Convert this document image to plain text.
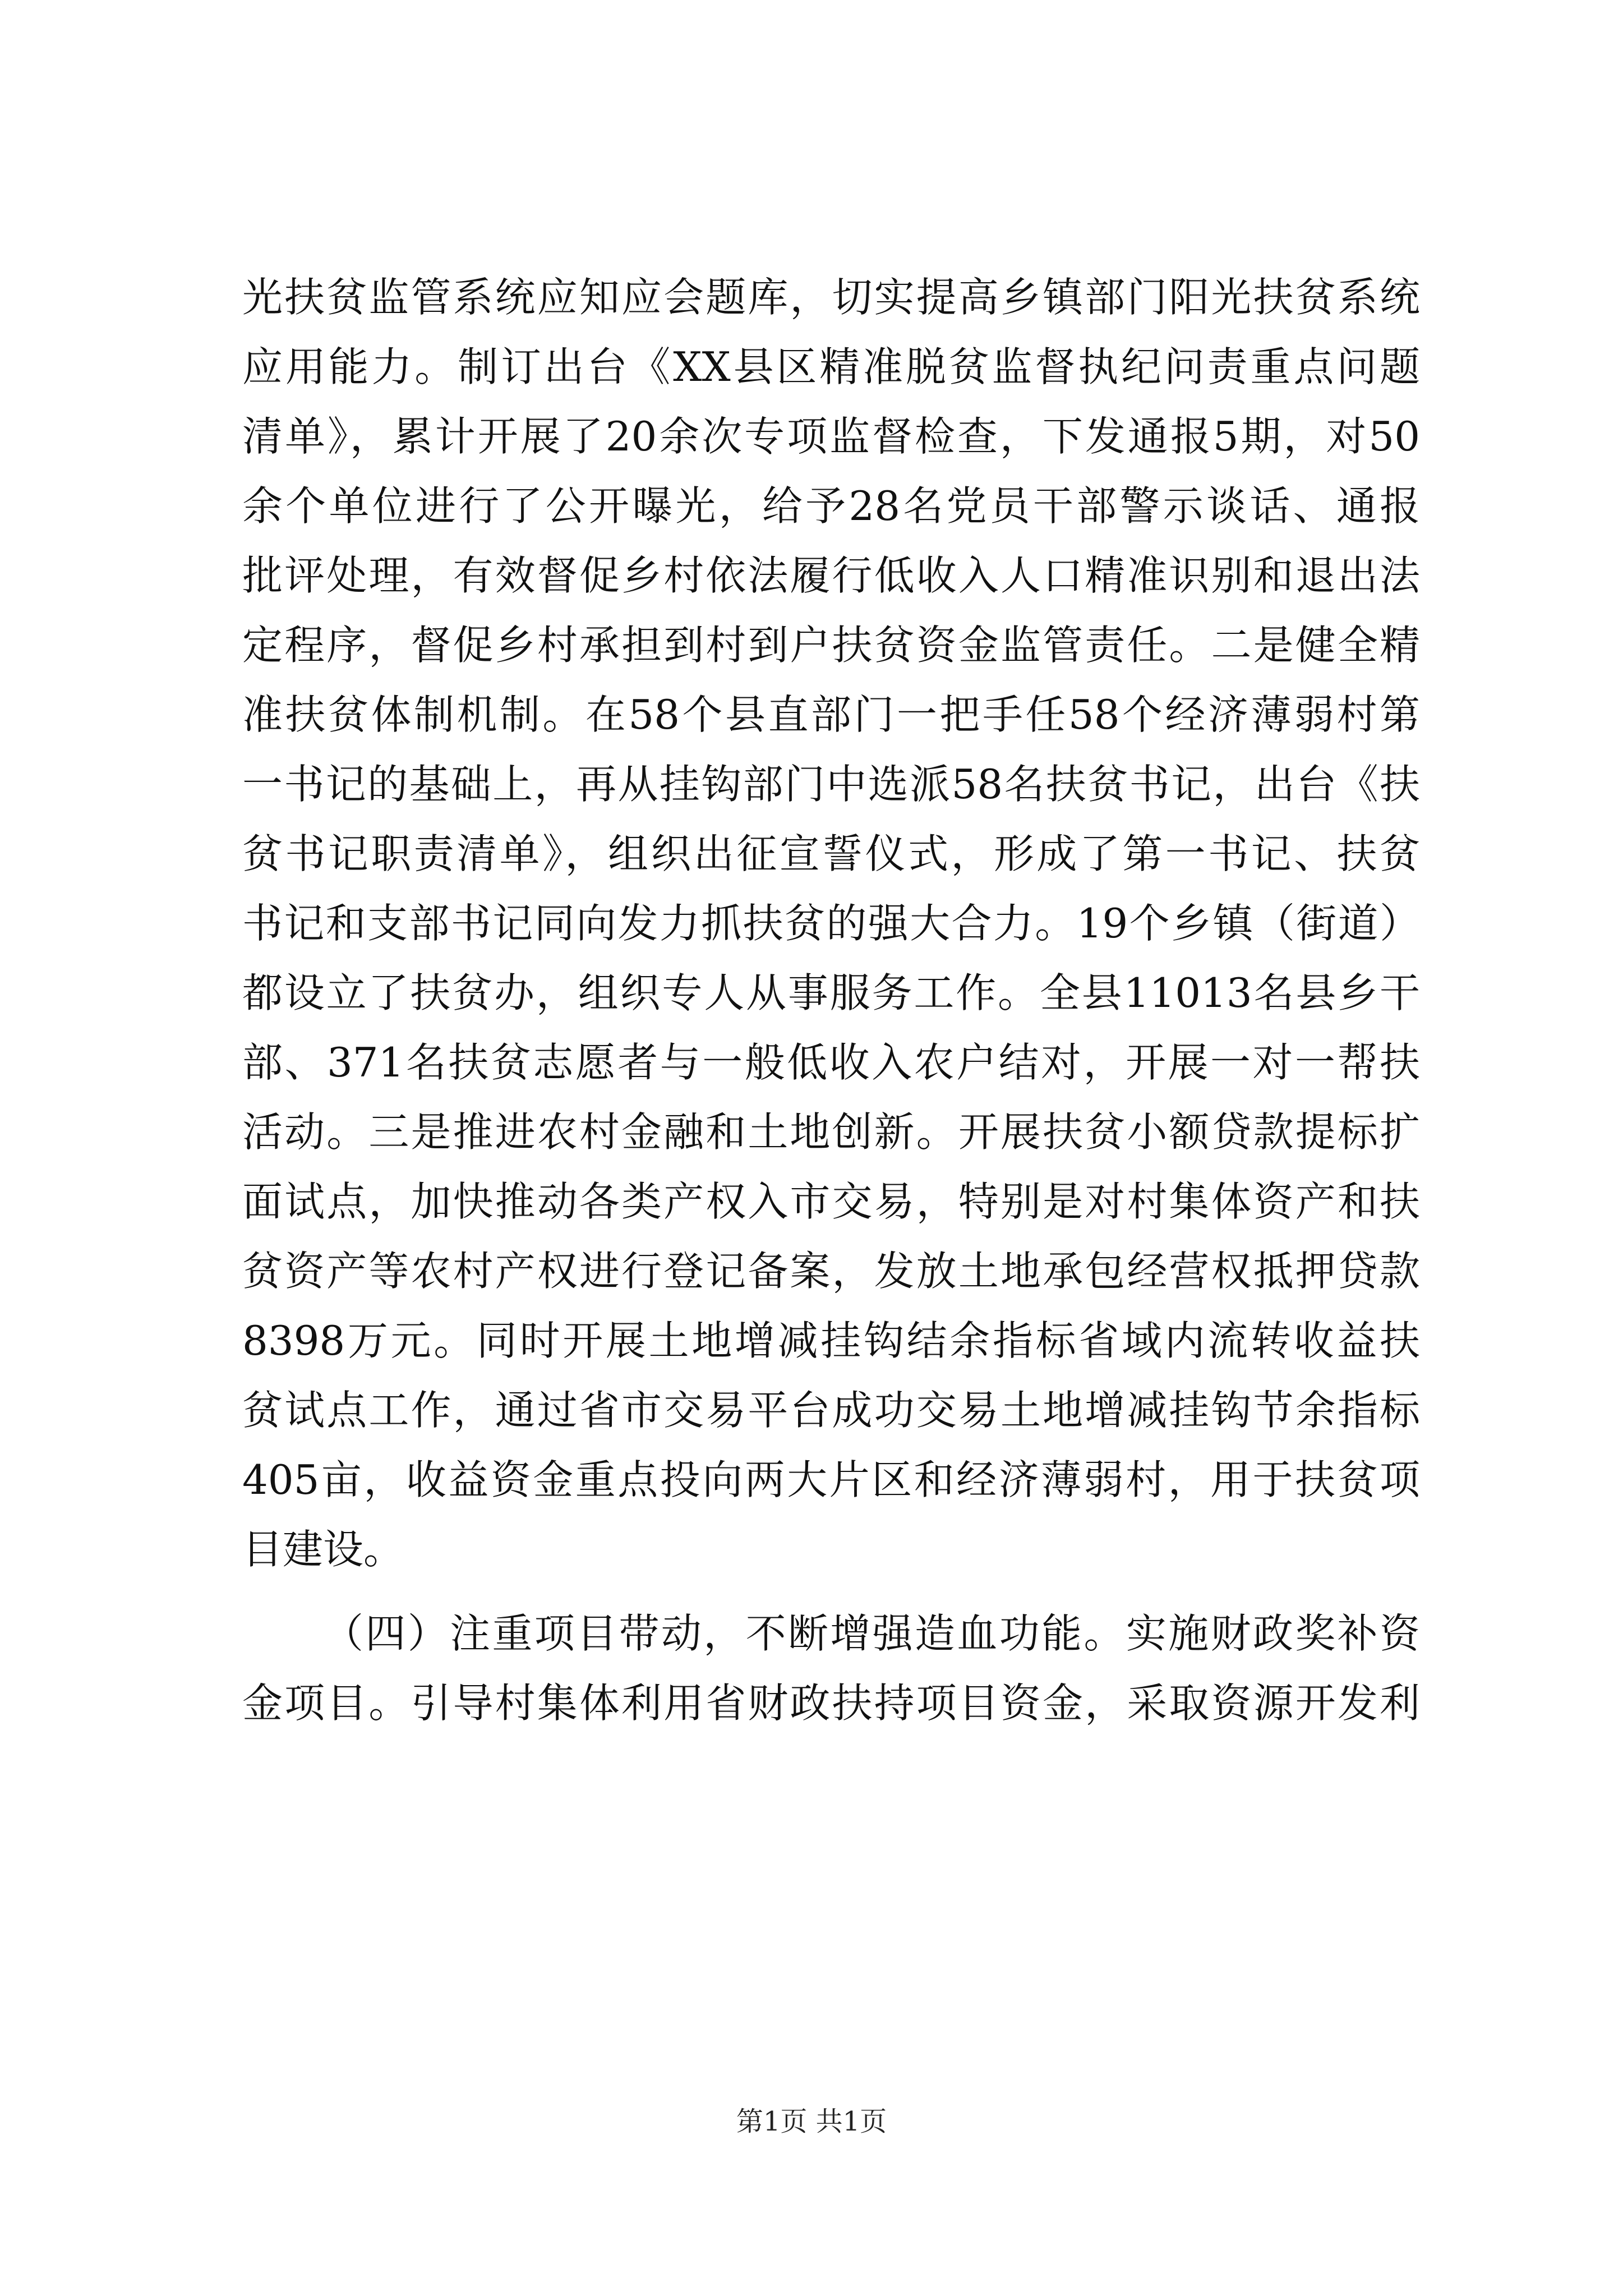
光扶贫监管系统应知应会题库，切实提高乡镇部门阳光扶贫系统
应用能力。制订出台《XX县区精准脱贫监督执纪问责重点问题
清单》，累计开展了20余次专项监督检查，下发通报5期，对50
余个单位进行了公开曝光，给予28名党员干部警示谈话、通报
批评处理，有效督促乡村依法履行低收入人口精准识别和退出法
定程序，督促乡村承担到村到户扶贫资金监管责任。二是健全精
准扶贫体制机制。在58个县直部门一把手任58个经济薄弱村第
一书记的基础上，再从挂钩部门中选派58名扶贫书记，出台《扶
贫书记职责清单》，组织出征宣誓仪式，形成了第一书记、扶贫
书记和支部书记同向发力抓扶贫的强大合力。19个乡镇（街道）
都设立了扶贫办，组织专人从事服务工作。全县11013名县乡干
部、371名扶贫志愿者与一般低收入农户结对，开展一对一帮扶
活动。三是推进农村金融和土地创新。开展扶贫小额贷款提标扩
面试点，加快推动各类产权入市交易，特别是对村集体资产和扶
贫资产等农村产权进行登记备案，发放土地承包经营权抵押贷款
8398万元。同时开展土地增减挂钩结余指标省域内流转收益扶
贫试点工作，通过省市交易平台成功交易土地增减挂钩节余指标
405亩，收益资金重点投向两大片区和经济薄弱村，用于扶贫项
目建设。
（四）注重项目带动，不断增强造血功能。实施财政奖补资
金项目。引导村集体利用省财政扶持项目资金，采取资源开发利
第1页 共1页
